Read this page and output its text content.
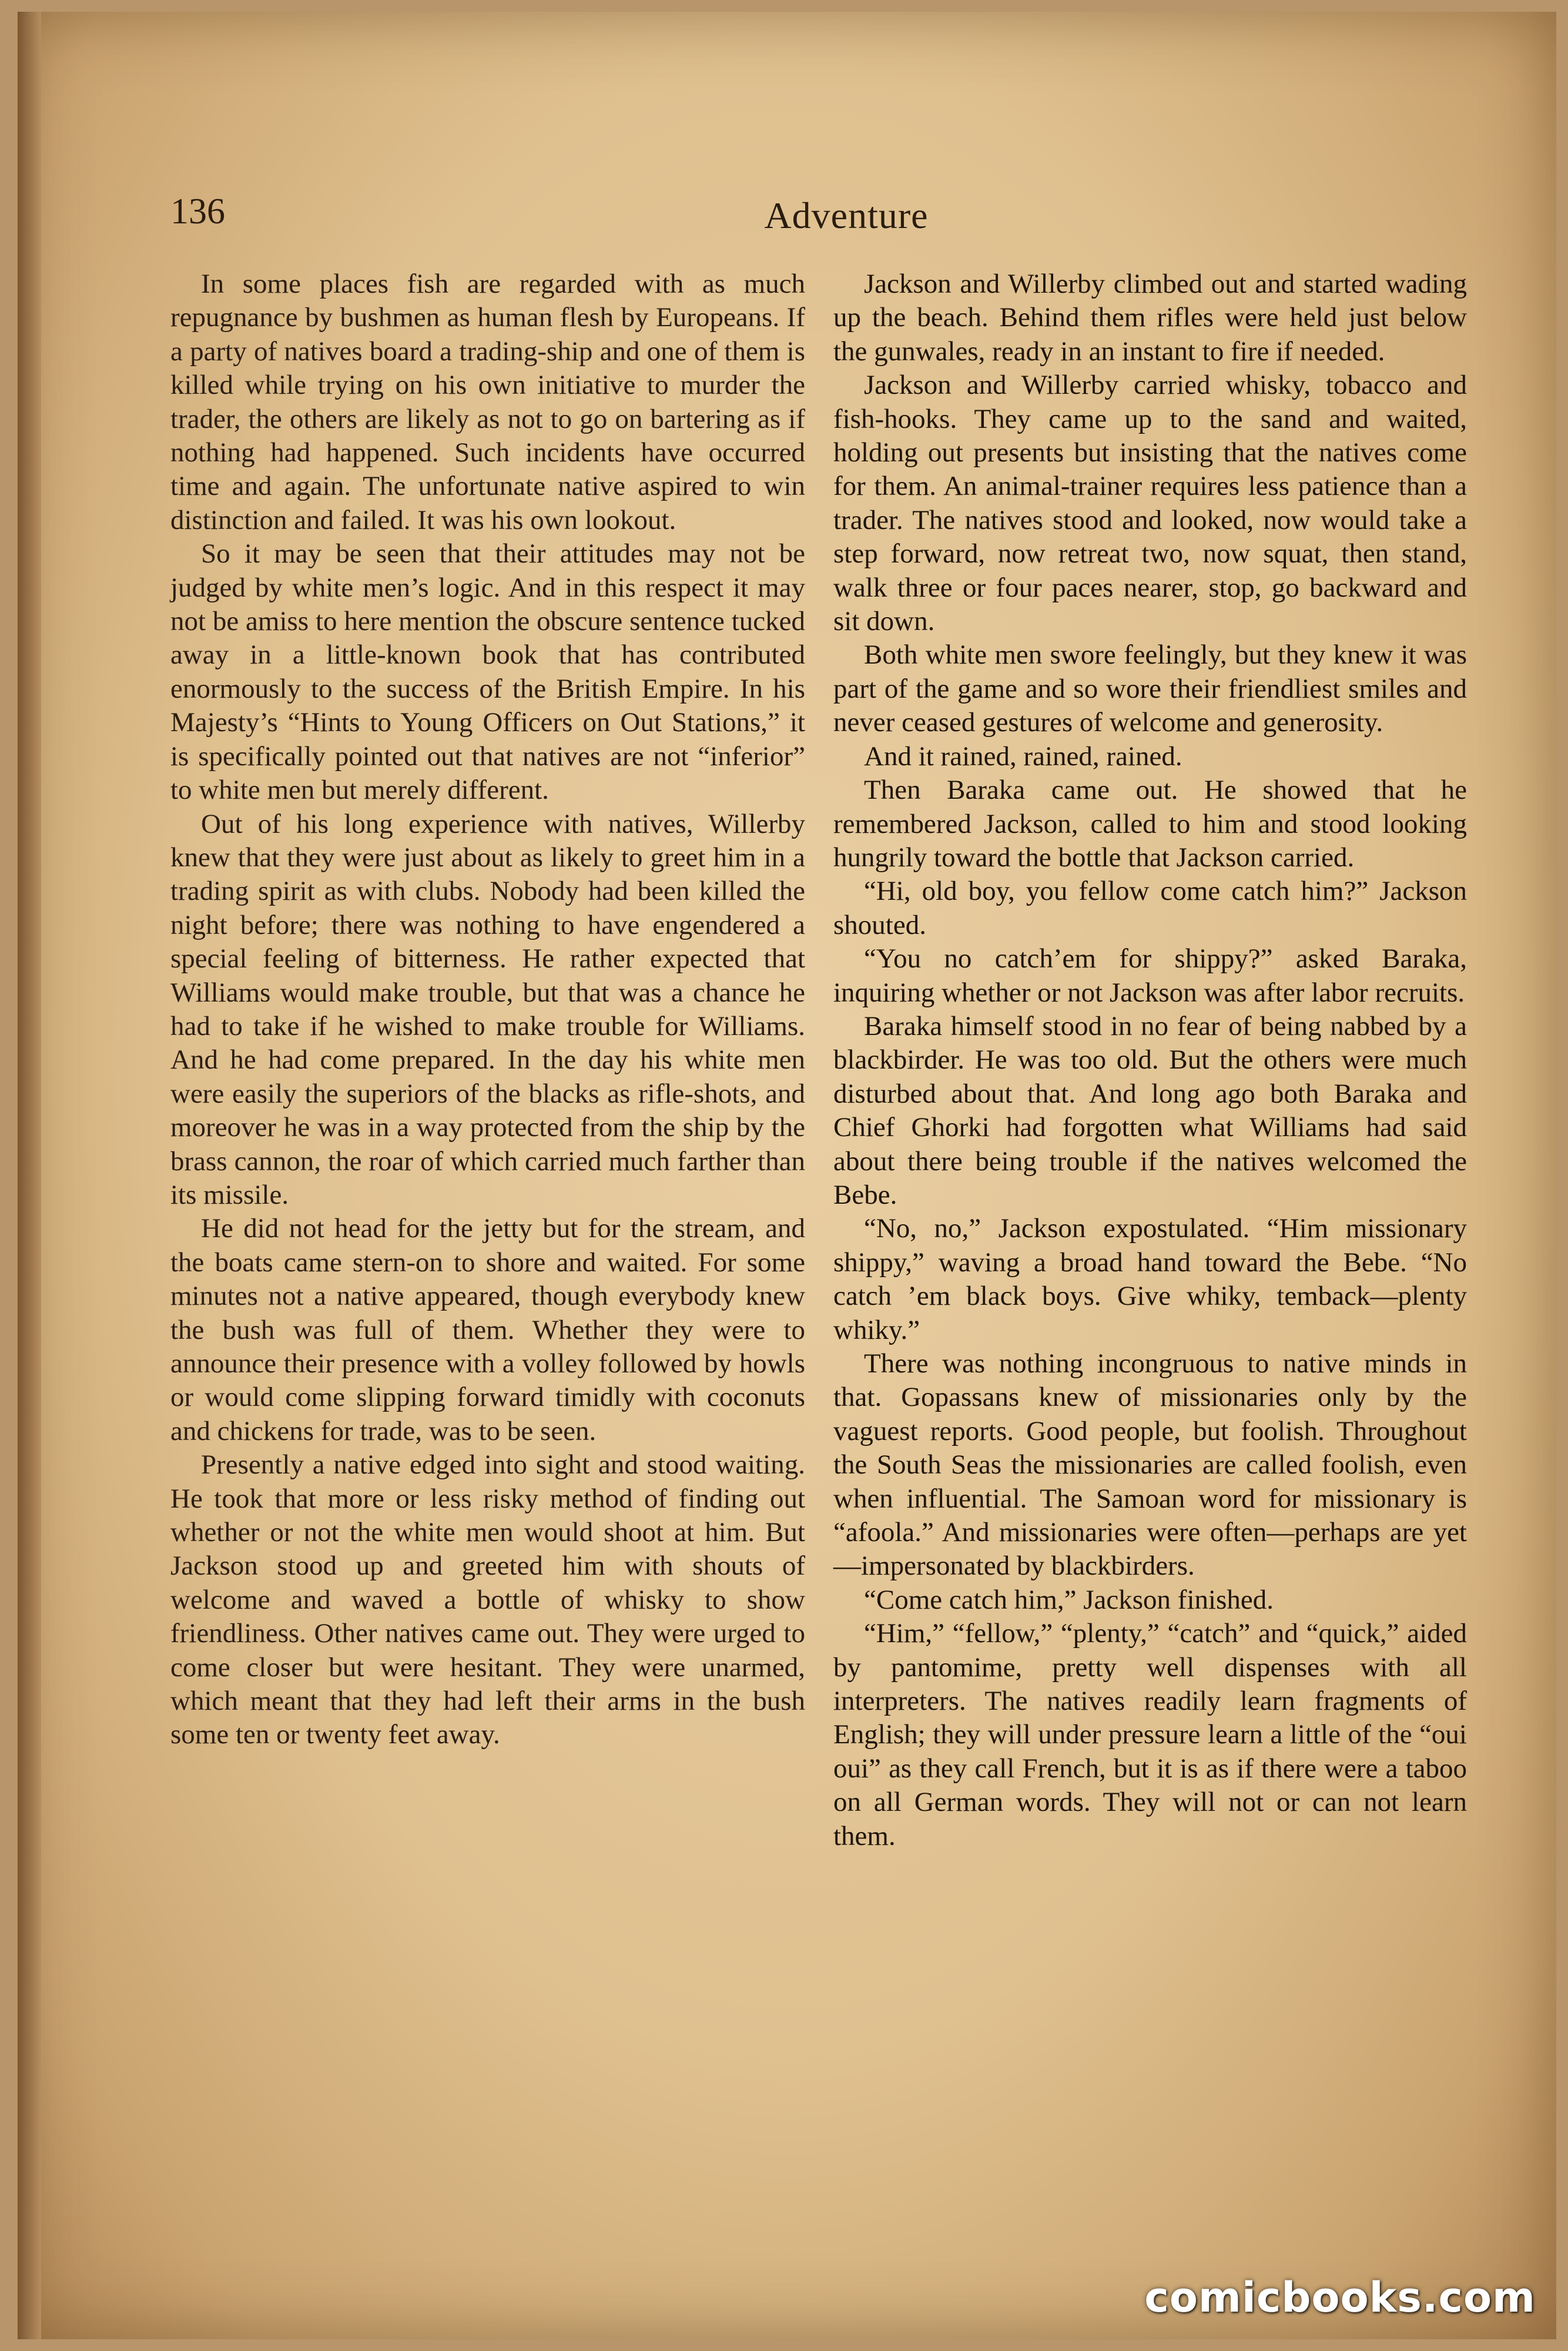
136	Adventure

In some places fish are regarded with as much repugnance by bushmen as human flesh by Europeans. If a party of natives board a trading-ship and one of them is killed while trying on his own initiative to murder the trader, the others are likely as not to go on bartering as if nothing had happened. Such incidents have occurred time and again. The unfortunate native aspired to win distinction and failed. It was his own lookout.

So it may be seen that their attitudes may not be judged by white men’s logic. And in this respect it may not be amiss to here mention the obscure sentence tucked away in a little-known book that has contributed enormously to the success of the British Empire. In his Majesty’s “Hints to Young Officers on Out Stations,” it is specifically pointed out that natives are not “inferior” to white men but merely different.

Out of his long experience with natives, Willerby knew that they were just about as likely to greet him in a trading spirit as with clubs. Nobody had been killed the night before; there was nothing to have engendered a special feeling of bitterness. He rather expected that Williams would make trouble, but that was a chance he had to take if he wished to make trouble for Williams. And he had come prepared. In the day his white men were easily the superiors of the blacks as rifle-shots, and moreover he was in a way protected from the ship by the brass cannon, the roar of which carried much farther than its missile.

He did not head for the jetty but for the stream, and the boats came stern-on to shore and waited. For some minutes not a native appeared, though everybody knew the bush was full of them. Whether they were to announce their presence with a volley followed by howls or would come slipping forward timidly with coconuts and chickens for trade, was to be seen.

Presently a native edged into sight and stood waiting. He took that more or less risky method of finding out whether or not the white men would shoot at him. But Jackson stood up and greeted him with shouts of welcome and waved a bottle of whisky to show friendliness. Other natives came out. They were urged to come closer but were hesitant. They were unarmed, which meant that they had left their arms in the bush some ten or twenty feet away.

Jackson and Willerby climbed out and started wading up the beach. Behind them rifles were held just below the gunwales, ready in an instant to fire if needed.

Jackson and Willerby carried whisky, tobacco and fish-hooks. They came up to the sand and waited, holding out presents but insisting that the natives come for them. An animal-trainer requires less patience than a trader. The natives stood and looked, now would take a step forward, now retreat two, now squat, then stand, walk three or four paces nearer, stop, go backward and sit down.

Both white men swore feelingly, but they knew it was part of the game and so wore their friendliest smiles and never ceased gestures of welcome and generosity.

And it rained, rained, rained.

Then Baraka came out. He showed that he remembered Jackson, called to him and stood looking hungrily toward the bottle that Jackson carried.

“Hi, old boy, you fellow come catch him?” Jackson shouted.

“You no catch’em for shippy?” asked Baraka, inquiring whether or not Jackson was after labor recruits.

Baraka himself stood in no fear of being nabbed by a blackbirder. He was too old. But the others were much disturbed about that. And long ago both Baraka and Chief Ghorki had forgotten what Williams had said about there being trouble if the natives welcomed the Bebe.

“No, no,” Jackson expostulated. “Him missionary shippy,” waving a broad hand toward the Bebe. “No catch ’em black boys. Give whiky, temback—plenty whiky.”

There was nothing incongruous to native minds in that. Gopassans knew of missionaries only by the vaguest reports. Good people, but foolish. Throughout the South Seas the missionaries are called foolish, even when influential. The Samoan word for missionary is “afoola.” And missionaries were often—perhaps are yet—impersonated by blackbirders.

“Come catch him,” Jackson finished.

“Him,” “fellow,” “plenty,” “catch” and “quick,” aided by pantomime, pretty well dispenses with all interpreters. The natives readily learn fragments of English; they will under pressure learn a little of the “oui oui” as they call French, but it is as if there were a taboo on all German words. They will not or can not learn them.

comicbooks.com
